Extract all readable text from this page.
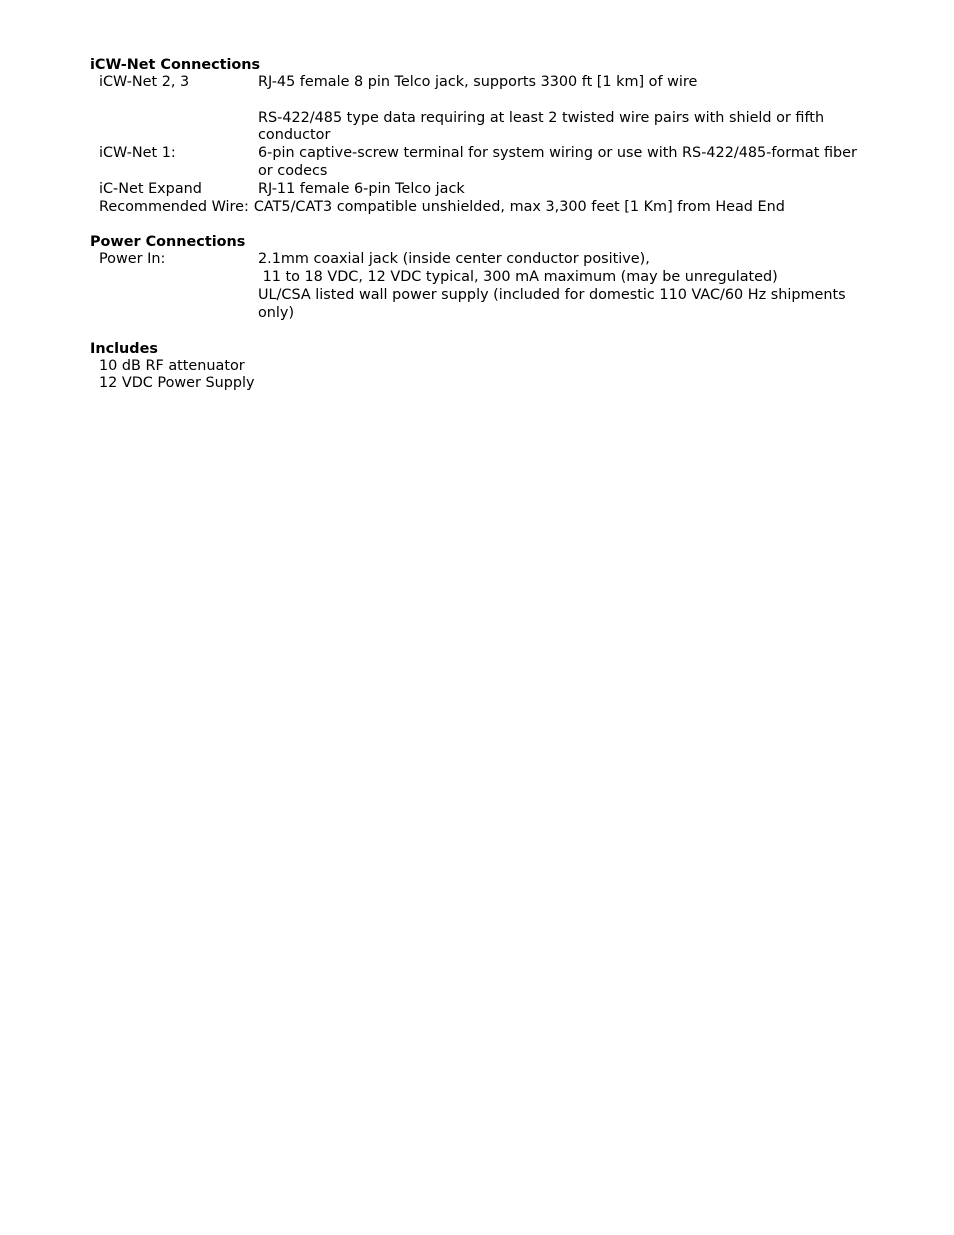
iCW-Net Connections
iCW-Net 2, 3	RJ-45 female 8 pin Telco jack, supports 3300 ft [1 km] of wire
RS-422/485 type data requiring at least 2 twisted wire pairs with shield or fifth conductor
iCW-Net 1:	6-pin captive-screw terminal for system wiring or use with RS-422/485-format fiber or codecs
iC-Net Expand	RJ-11 female 6-pin Telco jack
Recommended Wire: CAT5/CAT3 compatible unshielded, max 3,300 feet [1 Km] from Head End
Power Connections
Power In:	2.1mm coaxial jack (inside center conductor positive),
11 to 18 VDC, 12 VDC typical, 300 mA maximum (may be unregulated)
UL/CSA listed wall power supply (included for domestic 110 VAC/60 Hz shipments only)
Includes
10 dB RF attenuator
12 VDC Power Supply
